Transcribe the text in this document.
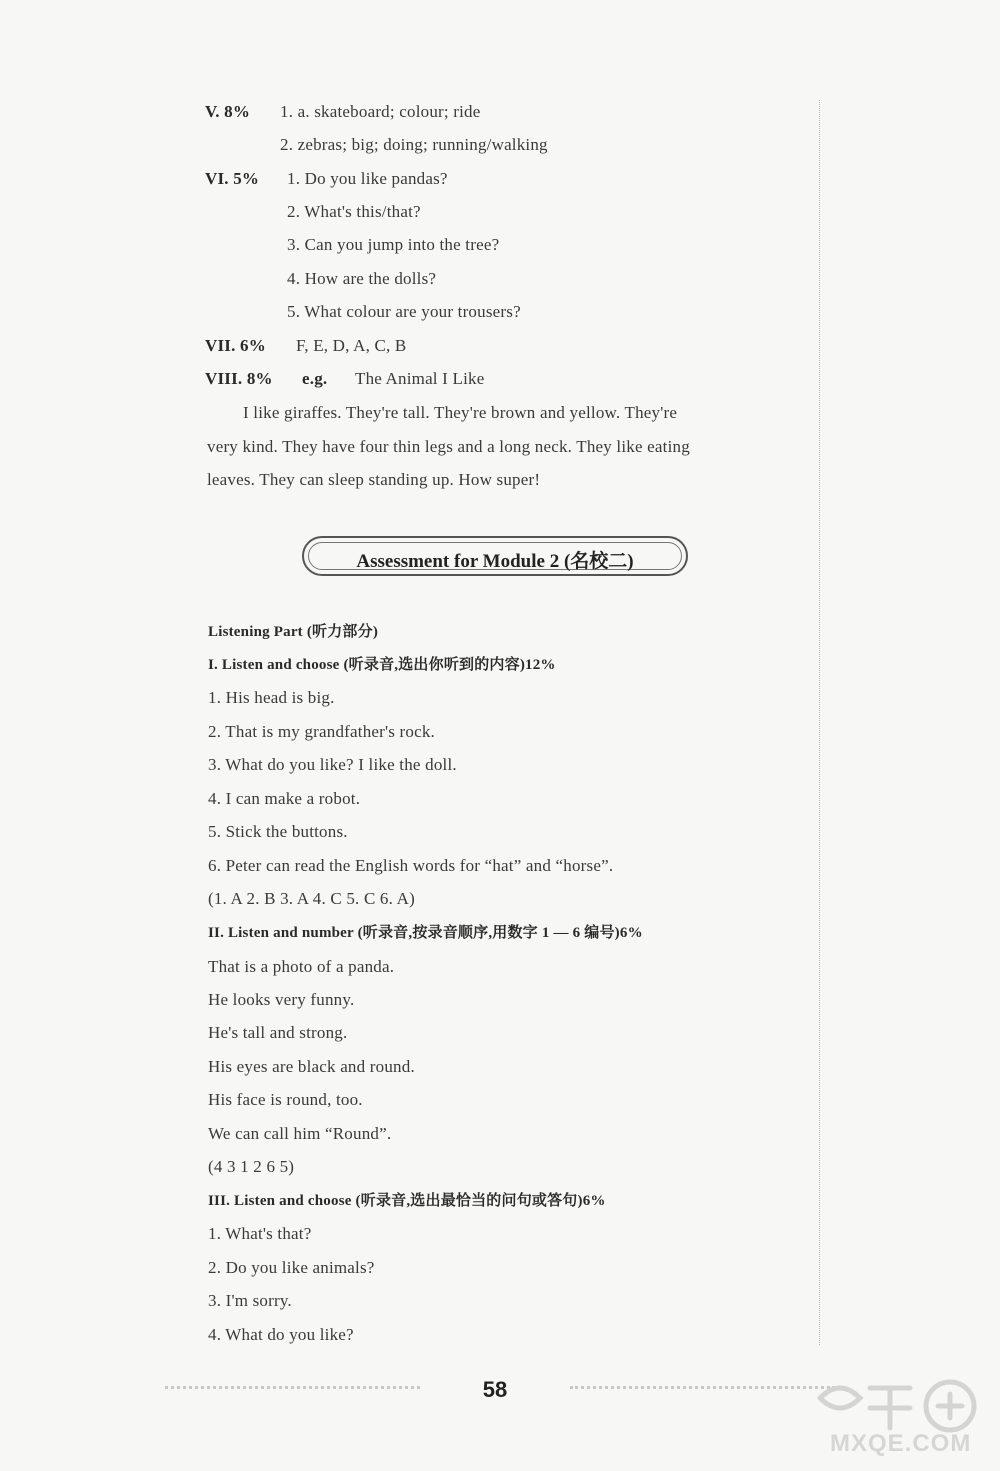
V. 8% 1. a. skateboard; colour; ride
2. zebras; big; doing; running/walking
VI. 5% 1. Do you like pandas?
2. What's this/that?
3. Can you jump into the tree?
4. How are the dolls?
5. What colour are your trousers?
VII. 6% F, E, D, A, C, B
VIII. 8% e.g. The Animal I Like
I like giraffes. They're tall. They're brown and yellow. They're
very kind. They have four thin legs and a long neck. They like eating
leaves. They can sleep standing up. How super!
Assessment for Module 2 (名校二)
Listening Part (听力部分)
I. Listen and choose (听录音,选出你听到的内容)12%
1. His head is big.
2. That is my grandfather's rock.
3. What do you like? I like the doll.
4. I can make a robot.
5. Stick the buttons.
6. Peter can read the English words for “hat” and “horse”.
(1. A 2. B 3. A 4. C 5. C 6. A)
II. Listen and number (听录音,按录音顺序,用数字 1 — 6 编号)6%
That is a photo of a panda.
He looks very funny.
He's tall and strong.
His eyes are black and round.
His face is round, too.
We can call him “Round”.
(4 3 1 2 6 5)
III. Listen and choose (听录音,选出最恰当的问句或答句)6%
1. What's that?
2. Do you like animals?
3. I'm sorry.
4. What do you like?
58
MXQE.COM
